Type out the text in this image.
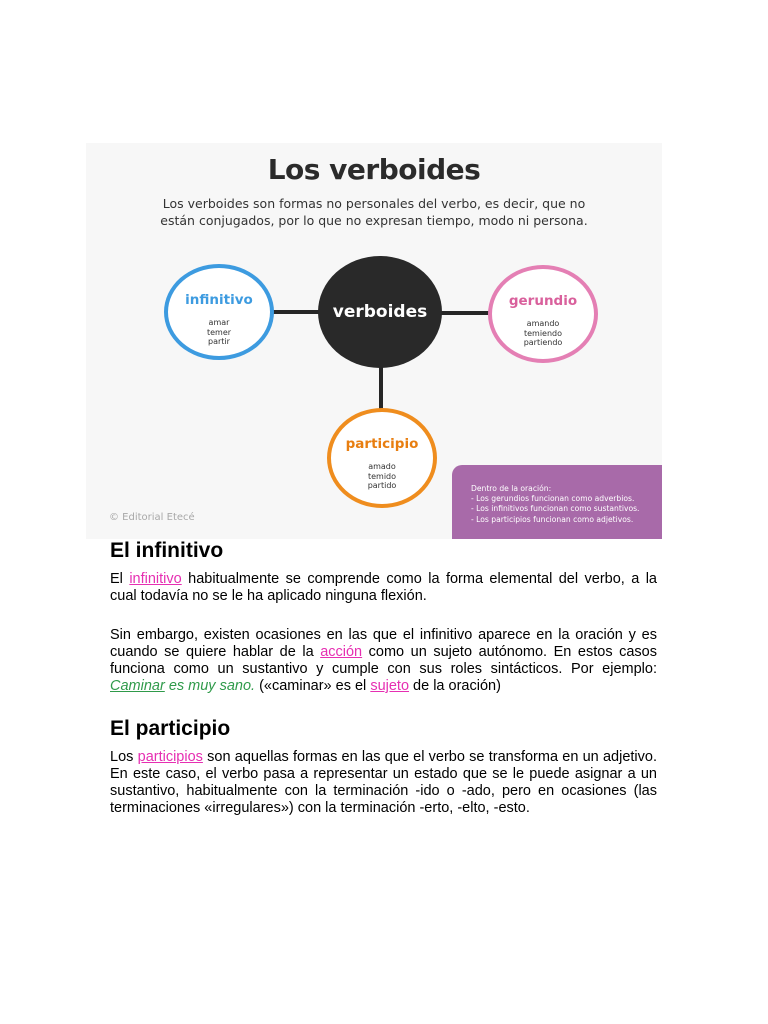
Los verboides
Los verboides son formas no personales del verbo, es decir, que no están conjugados, por lo que no expresan tiempo, modo ni persona.
infinitivo
amar
temer
partir
verboides
gerundio
amando
temiendo
partiendo
participio
amado
temido
partido
© Editorial Etecé
Dentro de la oración:
- Los gerundios funcionan como adverbios.
- Los infinitivos funcionan como sustantivos.
- Los participios funcionan como adjetivos.
El infinitivo

El infinitivo habitualmente se comprende como la forma elemental del verbo, a la cual todavía no se le ha aplicado ninguna flexión.

Sin embargo, existen ocasiones en las que el infinitivo aparece en la oración y es cuando se quiere hablar de la acción como un sujeto autónomo. En estos casos funciona como un sustantivo y cumple con sus roles sintácticos. Por ejemplo: Caminar es muy sano. («caminar» es el sujeto de la oración)

El participio

Los participios son aquellas formas en las que el verbo se transforma en un adjetivo. En este caso, el verbo pasa a representar un estado que se le puede asignar a un sustantivo, habitualmente con la terminación -ido o -ado, pero en ocasiones (las terminaciones «irregulares») con la terminación -erto, -elto, -esto.
